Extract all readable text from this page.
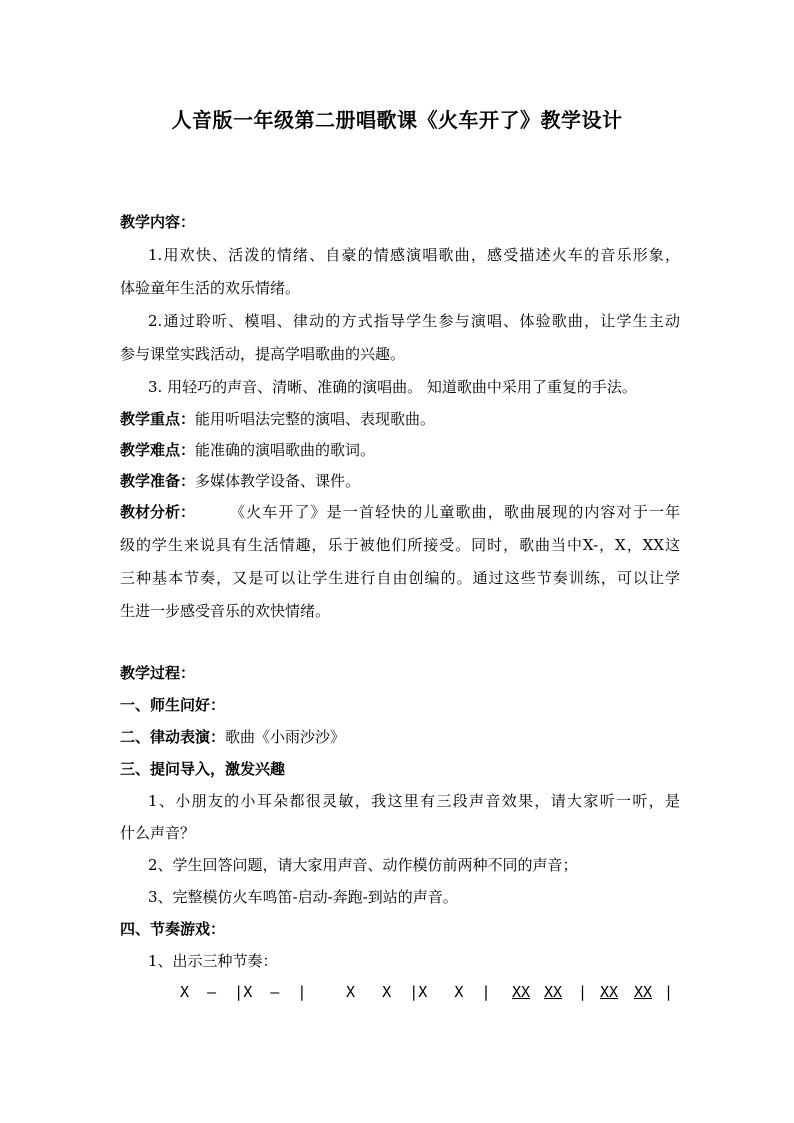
人音版一年级第二册唱歌课《火车开了》教学设计
教学内容：
1.用欢快、活泼的情绪、自豪的情感演唱歌曲，感受描述火车的音乐形象，
体验童年生活的欢乐情绪。
2.通过聆听、模唱、律动的方式指导学生参与演唱、体验歌曲，让学生主动
参与课堂实践活动，提高学唱歌曲的兴趣。
3. 用轻巧的声音、清晰、准确的演唱曲。 知道歌曲中采用了重复的手法。
教学重点：能用听唱法完整的演唱、表现歌曲。
教学难点：能准确的演唱歌曲的歌词。
教学准备：多媒体教学设备、课件。
教材分析： 《火车开了》是一首轻快的儿童歌曲，歌曲展现的内容对于一年
级的学生来说具有生活情趣，乐于被他们所接受。同时，歌曲当中X-，X，XX这
三种基本节奏，又是可以让学生进行自由创编的。通过这些节奏训练，可以让学
生进一步感受音乐的欢快情绪。
教学过程：
一、师生问好：
二、律动表演：歌曲《小雨沙沙》
三、提问导入，激发兴趣
1、小朋友的小耳朵都很灵敏，我这里有三段声音效果，请大家听一听，是
什么声音？
2、学生回答问题，请大家用声音、动作模仿前两种不同的声音；
3、完整模仿火车鸣笛-启动-奔跑-到站的声音。
四、节奏游戏：
1、出示三种节奏：
X  —  |X  —  |	X   X  |X   X  | XX XX | XX XX |
